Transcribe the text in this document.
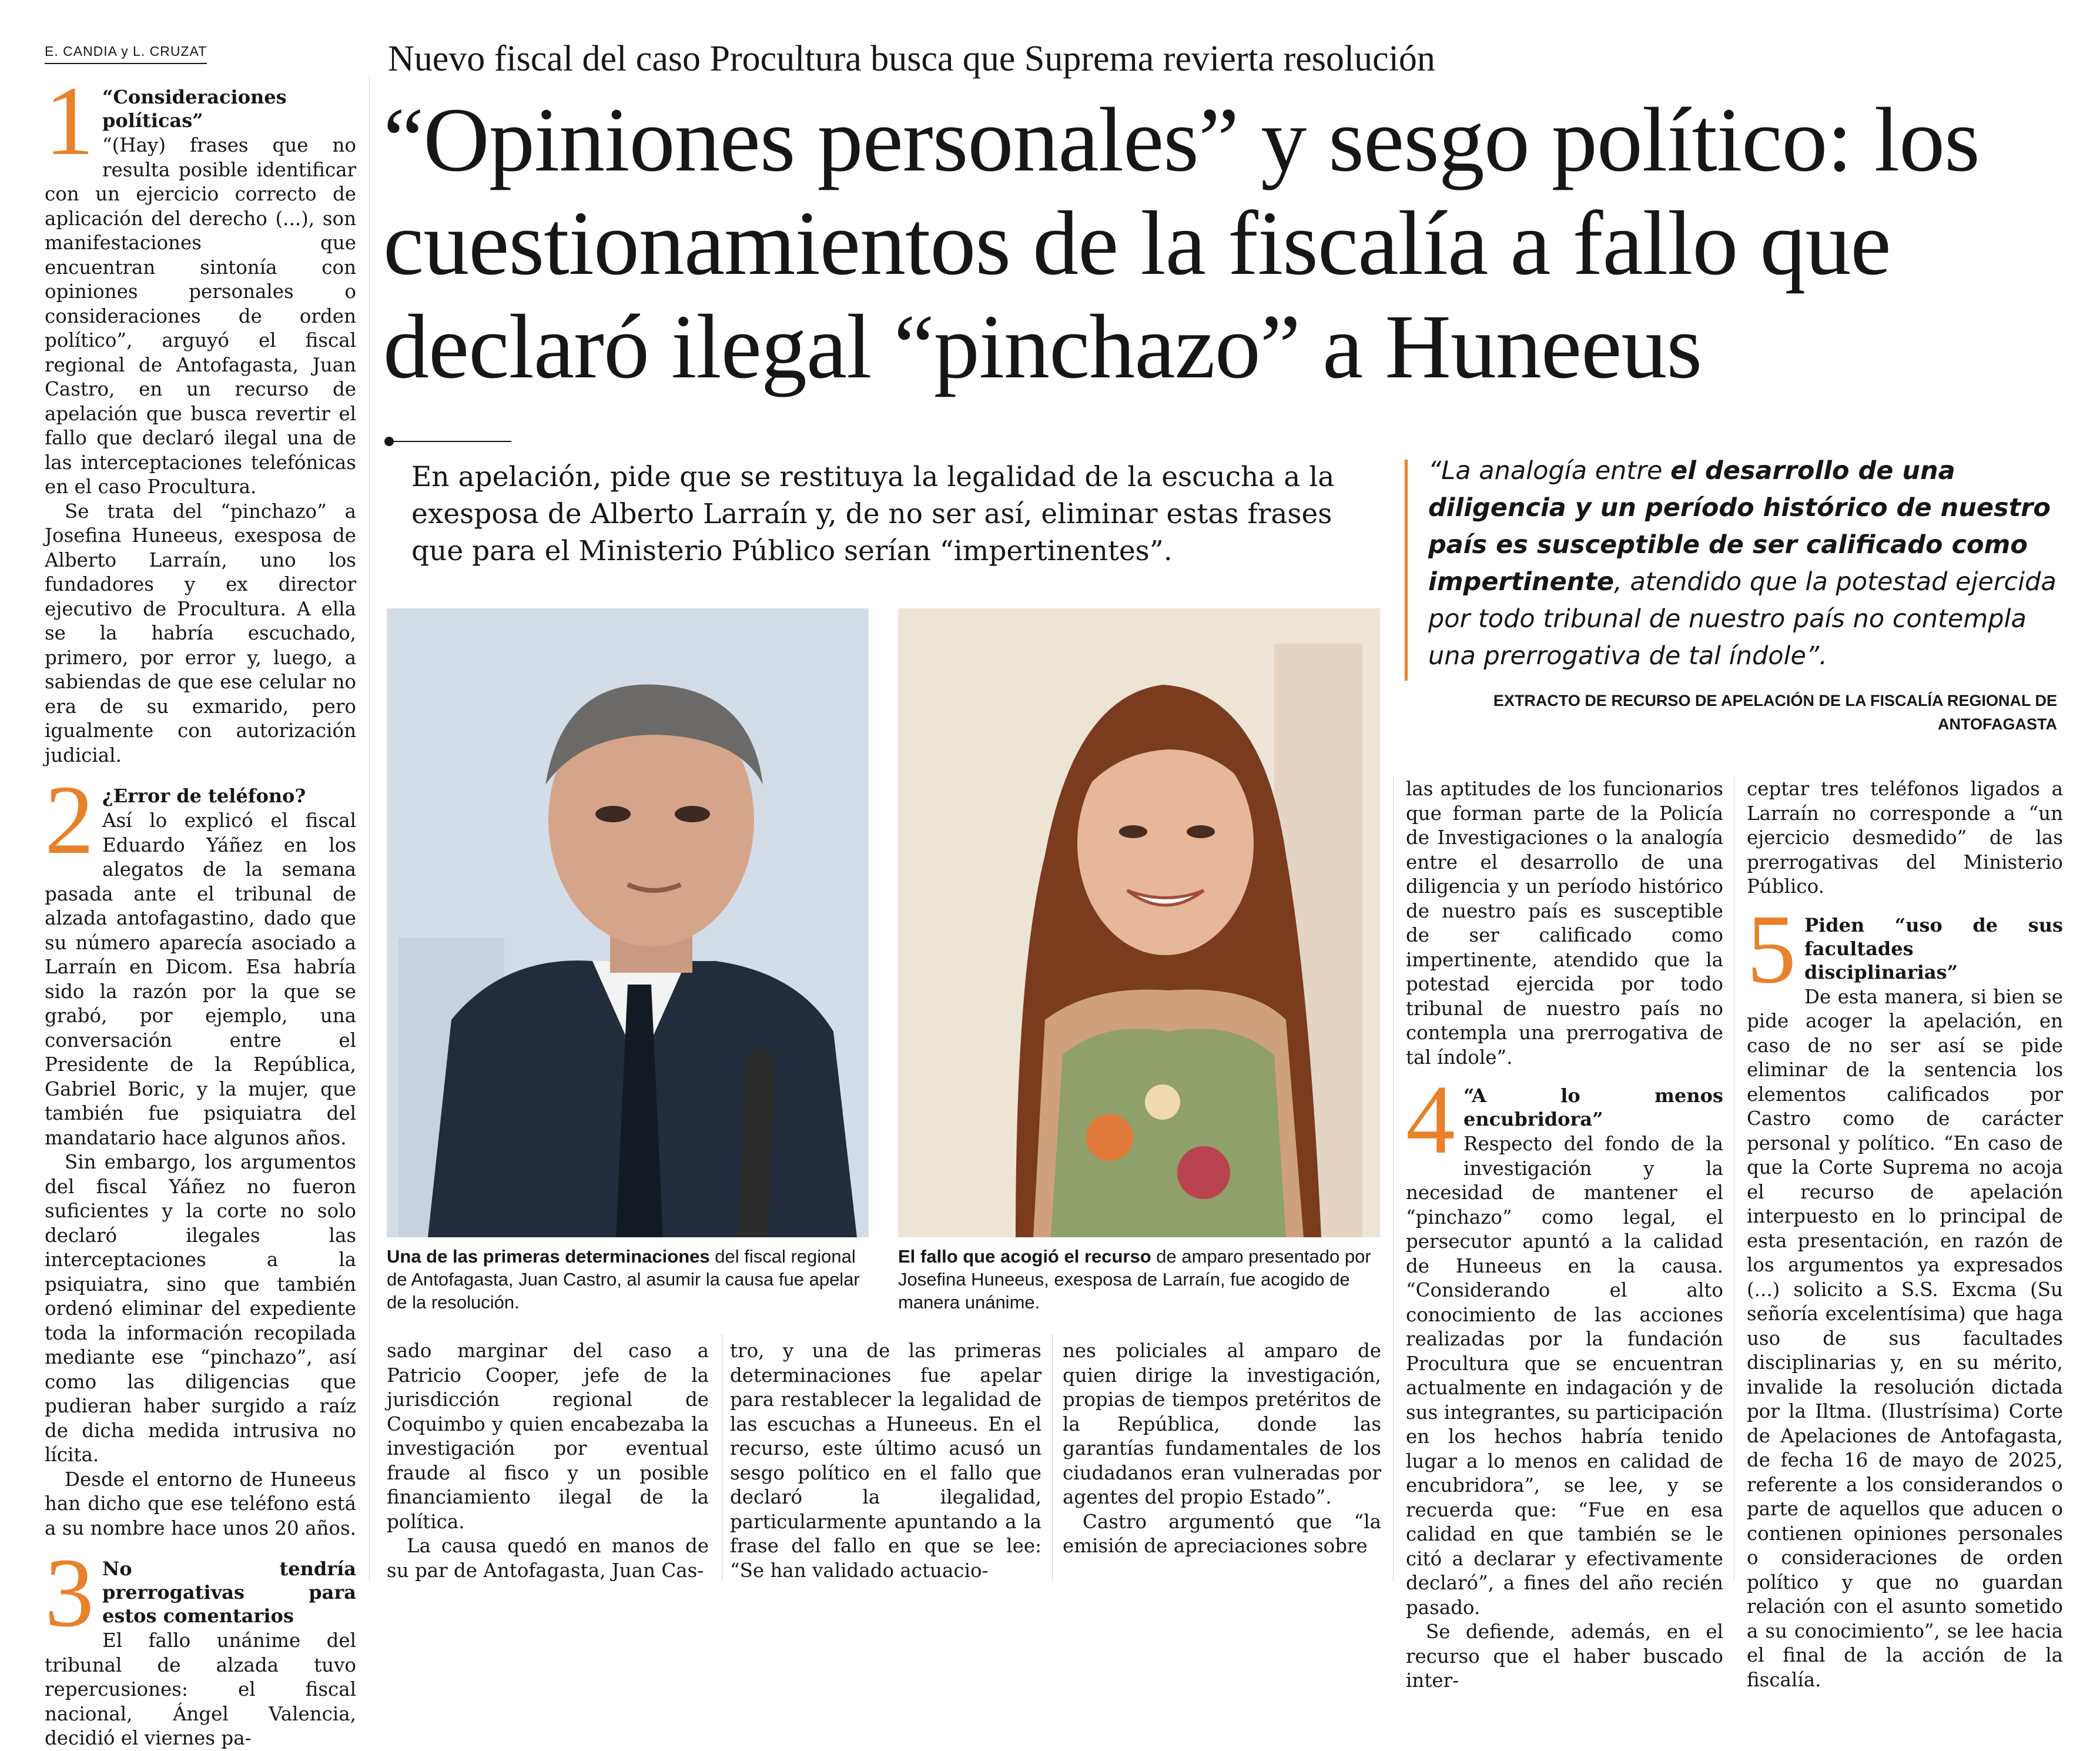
E. CANDIA y L. CRUZAT	Nuevo fiscal del caso Procultura busca que Suprema revierta resolución
“Opiniones personales” y sesgo político: los cuestionamientos de la fiscalía a fallo que declaró ilegal “pinchazo” a Huneeus
En apelación, pide que se restituya la legalidad de la escucha a la exesposa de Alberto Larraín y, de no ser así, eliminar estas frases que para el Ministerio Público serían “impertinentes”.
“La analogía entre el desarrollo de una diligencia y un período histórico de nuestro país es susceptible de ser calificado como impertinente, atendido que la potestad ejercida por todo tribunal de nuestro país no contempla una prerrogativa de tal índole”.
EXTRACTO DE RECURSO DE APELACIÓN DE LA FISCALÍA REGIONAL DE ANTOFAGASTA
Una de las primeras determinaciones del fiscal regional de Antofagasta, Juan Castro, al asumir la causa fue apelar de la resolución.
El fallo que acogió el recurso de amparo presentado por Josefina Huneeus, exesposa de Larraín, fue acogido de manera unánime.
1 “Consideraciones políticas”

“(Hay) frases que no resulta posible identificar con un ejercicio correcto de aplicación del derecho (...), son manifestaciones que encuentran sintonía con opiniones personales o consideraciones de orden político”, arguyó el fiscal regional de Antofagasta, Juan Castro, en un recurso de apelación que busca revertir el fallo que declaró ilegal una de las interceptaciones telefónicas en el caso Procultura.

Se trata del “pinchazo” a Josefina Huneeus, exesposa de Alberto Larraín, uno los fundadores y ex director ejecutivo de Procultura. A ella se la habría escuchado, primero, por error y, luego, a sabiendas de que ese celular no era de su exmarido, pero igualmente con autorización judicial.

2 ¿Error de teléfono?

Así lo explicó el fiscal Eduardo Yáñez en los alegatos de la semana pasada ante el tribunal de alzada antofagastino, dado que su número aparecía asociado a Larraín en Dicom. Esa habría sido la razón por la que se grabó, por ejemplo, una conversación entre el Presidente de la República, Gabriel Boric, y la mujer, que también fue psiquiatra del mandatario hace algunos años.

Sin embargo, los argumentos del fiscal Yáñez no fueron suficientes y la corte no solo declaró ilegales las interceptaciones a la psiquiatra, sino que también ordenó eliminar del expediente toda la información recopilada mediante ese “pinchazo”, así como las diligencias que pudieran haber surgido a raíz de dicha medida intrusiva no lícita.

Desde el entorno de Huneeus han dicho que ese teléfono está a su nombre hace unos 20 años.

3 No tendría prerrogativas para estos comentarios

El fallo unánime del tribunal de alzada tuvo repercusiones: el fiscal nacional, Ángel Valencia, decidió el viernes pa-

sado marginar del caso a Patricio Cooper, jefe de la jurisdicción regional de Coquimbo y quien encabezaba la investigación por eventual fraude al fisco y un posible financiamiento ilegal de la política.

La causa quedó en manos de su par de Antofagasta, Juan Cas-

tro, y una de las primeras determinaciones fue apelar para restablecer la legalidad de las escuchas a Huneeus. En el recurso, este último acusó un sesgo político en el fallo que declaró la ilegalidad, particularmente apuntando a la frase del fallo en que se lee: “Se han validado actuacio-

nes policiales al amparo de quien dirige la investigación, propias de tiempos pretéritos de la República, donde las garantías fundamentales de los ciudadanos eran vulneradas por agentes del propio Estado”.

Castro argumentó que “la emisión de apreciaciones sobre

las aptitudes de los funcionarios que forman parte de la Policía de Investigaciones o la analogía entre el desarrollo de una diligencia y un período histórico de nuestro país es susceptible de ser calificado como impertinente, atendido que la potestad ejercida por todo tribunal de nuestro país no contempla una prerrogativa de tal índole”.

4 “A lo menos encubridora”

Respecto del fondo de la investigación y la necesidad de mantener el “pinchazo” como legal, el persecutor apuntó a la calidad de Huneeus en la causa. “Considerando el alto conocimiento de las acciones realizadas por la fundación Procultura que se encuentran actualmente en indagación y de sus integrantes, su participación en los hechos habría tenido lugar a lo menos en calidad de encubridora”, se lee, y se recuerda que: “Fue en esa calidad en que también se le citó a declarar y efectivamente declaró”, a fines del año recién pasado.

Se defiende, además, en el recurso que el haber buscado inter-

ceptar tres teléfonos ligados a Larraín no corresponde a “un ejercicio desmedido” de las prerrogativas del Ministerio Público.

5 Piden “uso de sus facultades disciplinarias”

De esta manera, si bien se pide acoger la apelación, en caso de no ser así se pide eliminar de la sentencia los elementos calificados por Castro como de carácter personal y político. “En caso de que la Corte Suprema no acoja el recurso de apelación interpuesto en lo principal de esta presentación, en razón de los argumentos ya expresados (...) solicito a S.S. Excma (Su señoría excelentísima) que haga uso de sus facultades disciplinarias y, en su mérito, invalide la resolución dictada por la Iltma. (Ilustrísima) Corte de Apelaciones de Antofagasta, de fecha 16 de mayo de 2025, referente a los considerandos o parte de aquellos que aducen o contienen opiniones personales o consideraciones de orden político y que no guardan relación con el asunto sometido a su conocimiento”, se lee hacia el final de la acción de la fiscalía.
